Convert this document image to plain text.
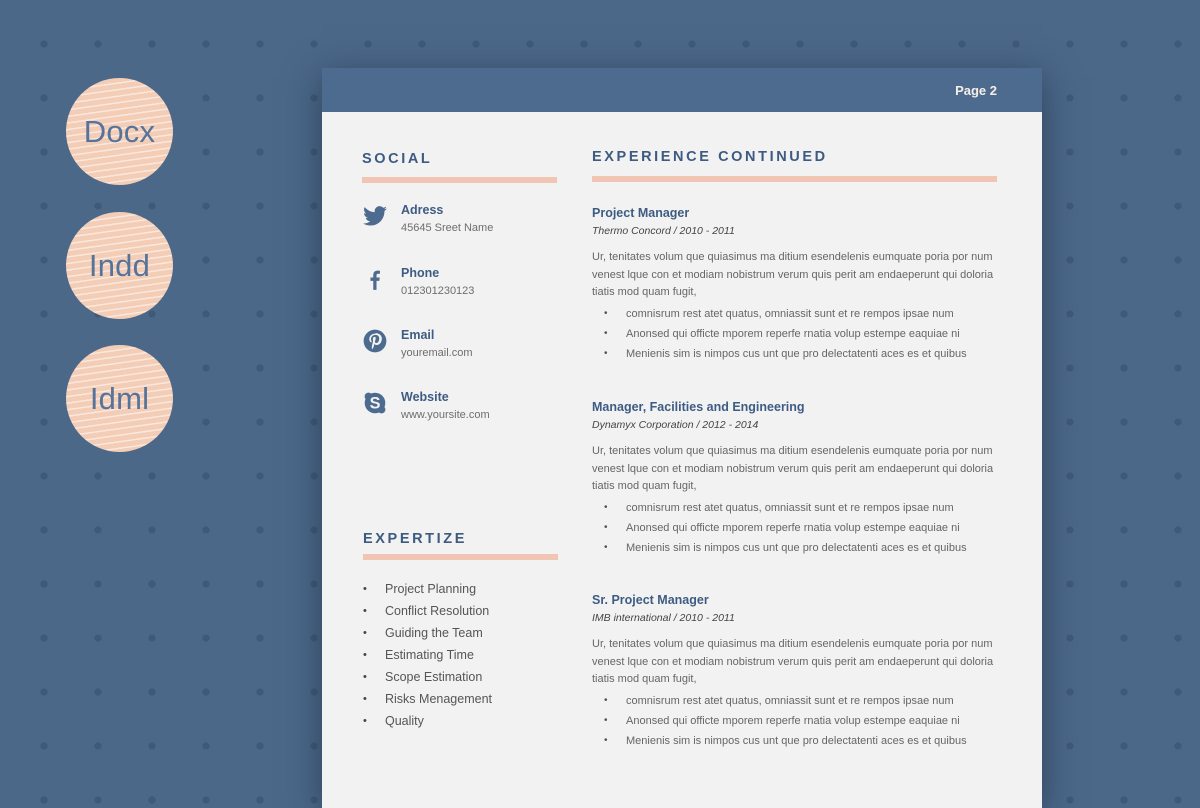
Docx
Indd
Idml
Page 2
SOCIAL
Adress
45645 Sreet Name
Phone
012301230123
Email
youremail.com
S Website
www.yoursite.com
EXPERTIZE
• Project Planning
• Conflict Resolution
• Guiding the Team
• Estimating Time
• Scope Estimation
• Risks Menagement
• Quality
EXPERIENCE CONTINUED
Project Manager
Thermo Concord / 2010 - 2011
Ur, tenitates volum que quiasimus ma ditium esendelenis eumquate poria por num venest lque con et modiam nobistrum verum quis perit am endaeperunt qui doloria tiatis mod quam fugit,
• comnisrum rest atet quatus, omniassit sunt et re rempos ipsae num
• Anonsed qui officte mporem reperfe rnatia volup estempe eaquiae ni
• Menienis sim is nimpos cus unt que pro delectatenti aces es et quibus
Manager, Facilities and Engineering
Dynamyx Corporation / 2012 - 2014
Ur, tenitates volum que quiasimus ma ditium esendelenis eumquate poria por num venest lque con et modiam nobistrum verum quis perit am endaeperunt qui doloria tiatis mod quam fugit,
• comnisrum rest atet quatus, omniassit sunt et re rempos ipsae num
• Anonsed qui officte mporem reperfe rnatia volup estempe eaquiae ni
• Menienis sim is nimpos cus unt que pro delectatenti aces es et quibus
Sr. Project Manager
IMB international / 2010 - 2011
Ur, tenitates volum que quiasimus ma ditium esendelenis eumquate poria por num venest lque con et modiam nobistrum verum quis perit am endaeperunt qui doloria tiatis mod quam fugit,
• comnisrum rest atet quatus, omniassit sunt et re rempos ipsae num
• Anonsed qui officte mporem reperfe rnatia volup estempe eaquiae ni
• Menienis sim is nimpos cus unt que pro delectatenti aces es et quibus
